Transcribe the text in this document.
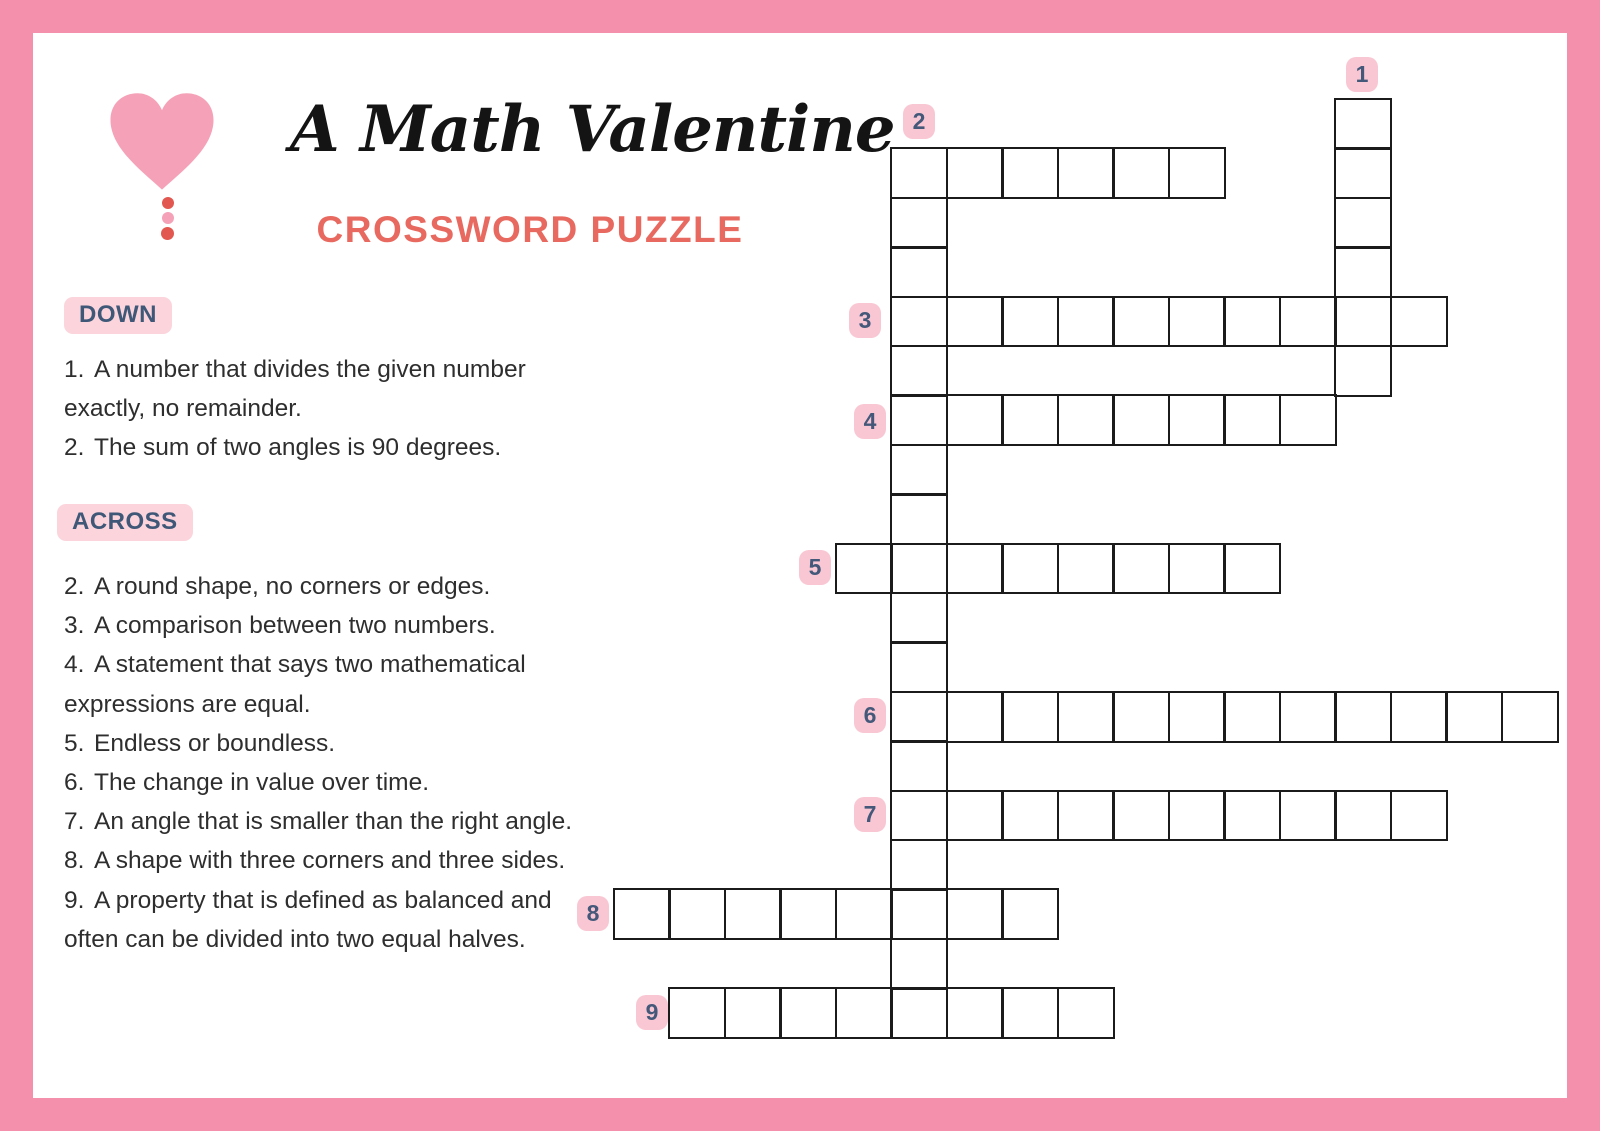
A Math Valentine
CROSSWORD PUZZLE
DOWN
1. A number that divides the given number
exactly, no remainder.
2. The sum of two angles is 90 degrees.
ACROSS
2. A round shape, no corners or edges.
3. A comparison between two numbers.
4. A statement that says two mathematical
expressions are equal.
5. Endless or boundless.
6. The change in value over time.
7. An angle that is smaller than the right angle.
8. A shape with three corners and three sides.
9. A property that is defined as balanced and
often can be divided into two equal halves.
1
2
3
4
5
6
7
8
9
